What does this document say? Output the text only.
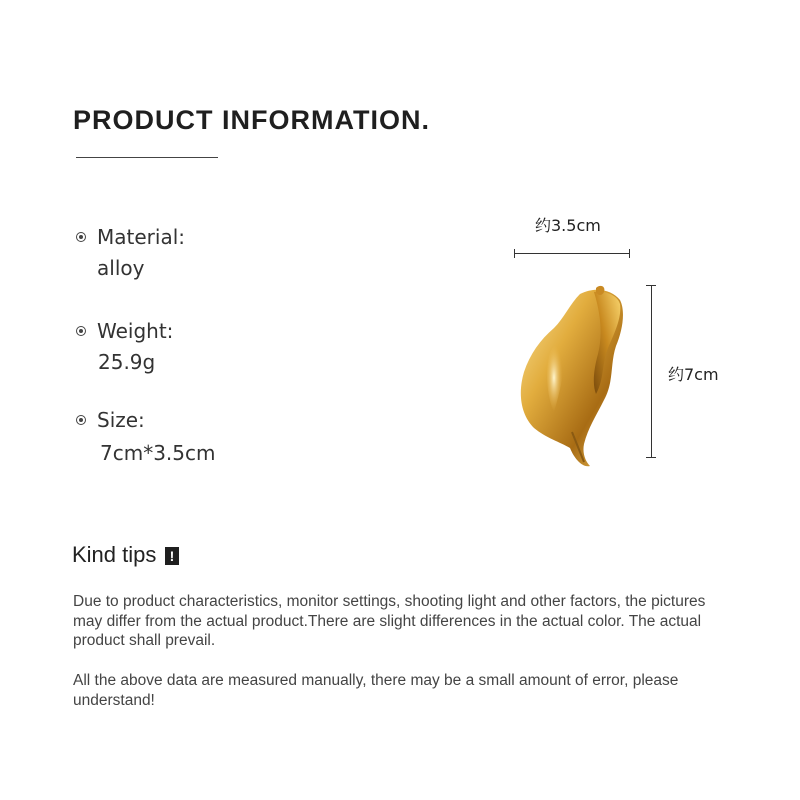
PRODUCT INFORMATION.
Material:
alloy
Weight:
25.9g
Size:
7cm*3.5cm
约3.5cm
约7cm
Kind tips !
Due to product characteristics, monitor settings, shooting light and other factors, the pictures may differ from the actual product.There are slight differences in the actual color. The actual product shall prevail.
All the above data are measured manually, there may be a small amount of error, please understand!
